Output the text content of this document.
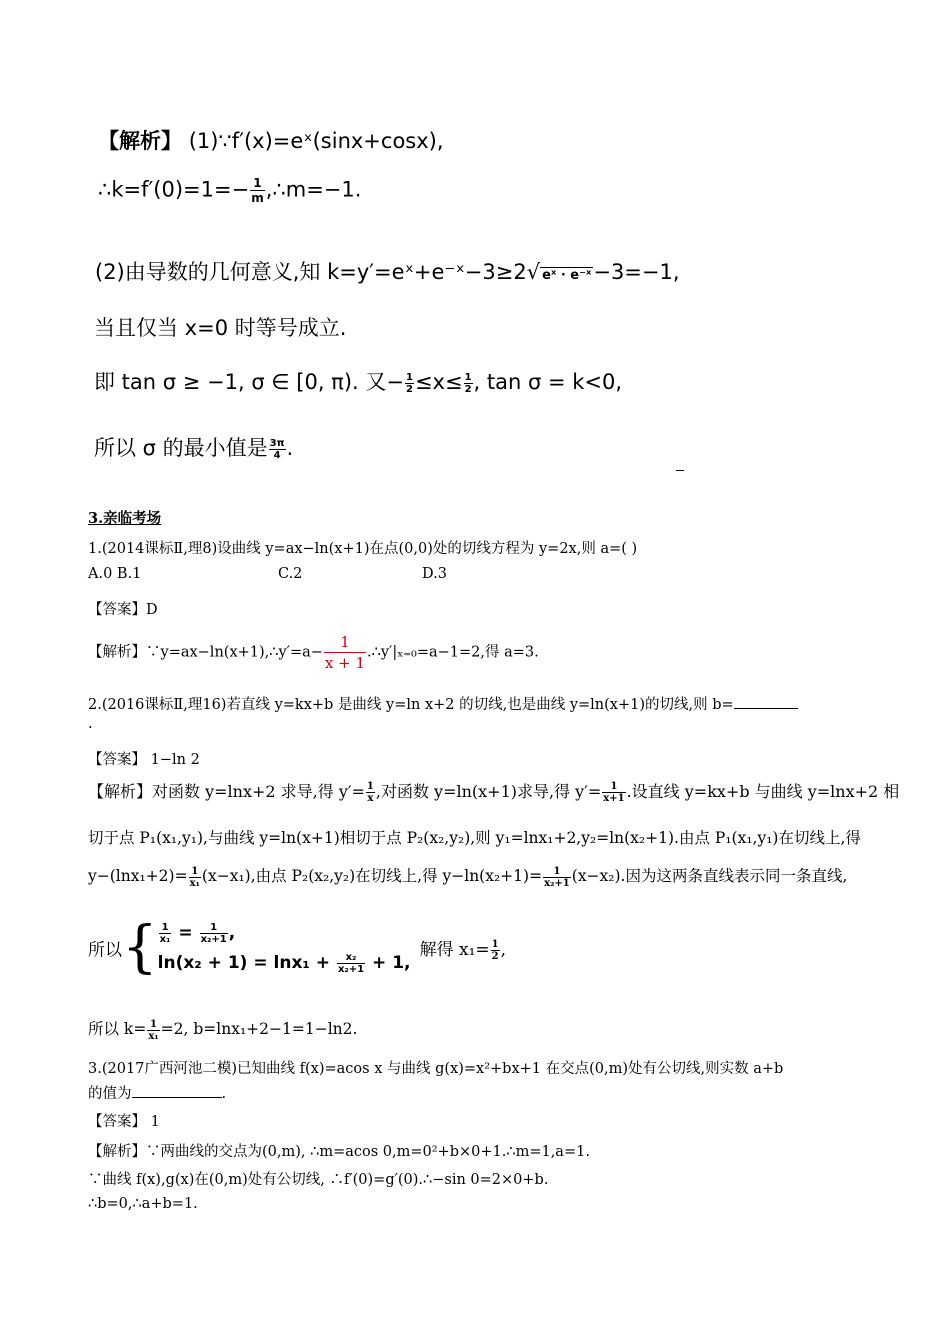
【解析】 (1)∵f′(x)=eˣ(sinx+cosx),
∴k=f′(0)=1=− $\frac{1}{m}$ ,∴m=−1.
(2)由导数的几何意义,知 k=y′=eˣ+e⁻ˣ−3≥2√ eˣ · e⁻ˣ−3=−1,
当且仅当 x=0 时等号成立.
即 tan σ ≥ −1, σ ∈ [0, π). 又− $\frac{1}{2} \le x\le \frac{1}{2}$ , tan σ = k<0,
所以 σ 的最小值是 $\frac{3\pi}{4}$ .
3.亲临考场
1.(2014课标Ⅱ,理8)设曲线 y=ax−ln(x+1)在点(0,0)处的切线方程为 y=2x,则 a=( )
A.0 B.1	C.2	D.3
【答案】D
【解析】∵y=ax−ln(x+1),∴y′=a− $\frac{1}{x + 1}$ .∴y′|ₓ₌₀=a−1=2,得 a=3.
2.(2016课标Ⅱ,理16)若直线 y=kx+b 是曲线 y=ln x+2 的切线,也是曲线 y=ln(x+1)的切线,则 b=
.
【答案】 1−ln 2
【解析】对函数 y=lnx+2 求导,得 $y'= \frac{1}{x}$ ,对函数 y=ln(x+1)求导,得 $y'= \frac{1}{x+1}$ .设直线 y=kx+b 与曲线 y=lnx+2 相
切于点 P₁(x₁,y₁),与曲线 y=ln(x+1)相切于点 P₂(x₂,y₂),则 y₁=lnx₁+2,y₂=ln(x₂+1).由点 P₁(x₁,y₁)在切线上,得
$y-(\ln x_1+2)= \frac{1}{\text{x₁}} (x-x_1)$,由点 P₂(x₂,y₂)在切线上,得 $y-\ln(x_2+1)= \frac{1}{\text{x₂+1}} (x-x_2)$.因为这两条直线表示同一条直线,
所以{ $\frac{1}{\text{x₁}} = \frac{1}{\text{x₂+1}}$ ,
$\ln(x_2 + 1) = \ln x_1 + \frac{\text{x₂}}{\text{x₂+1}} + 1$,
解得 $x_1= \frac{1}{2}$ ,
所以 $k= \frac{1}{\text{x₁}} =2$, b=lnx₁+2−1=1−ln2.
3.(2017广西河池二模)已知曲线 f(x)=acos x 与曲线 g(x)=x²+bx+1 在交点(0,m)处有公切线,则实数 a+b
的值为	.
【答案】 1
【解析】∵两曲线的交点为(0,m), ∴m=acos 0,m=0²+b×0+1.∴m=1,a=1.
∵曲线 f(x),g(x)在(0,m)处有公切线, ∴f′(0)=g′(0).∴−sin 0=2×0+b.
∴b=0,∴a+b=1.
